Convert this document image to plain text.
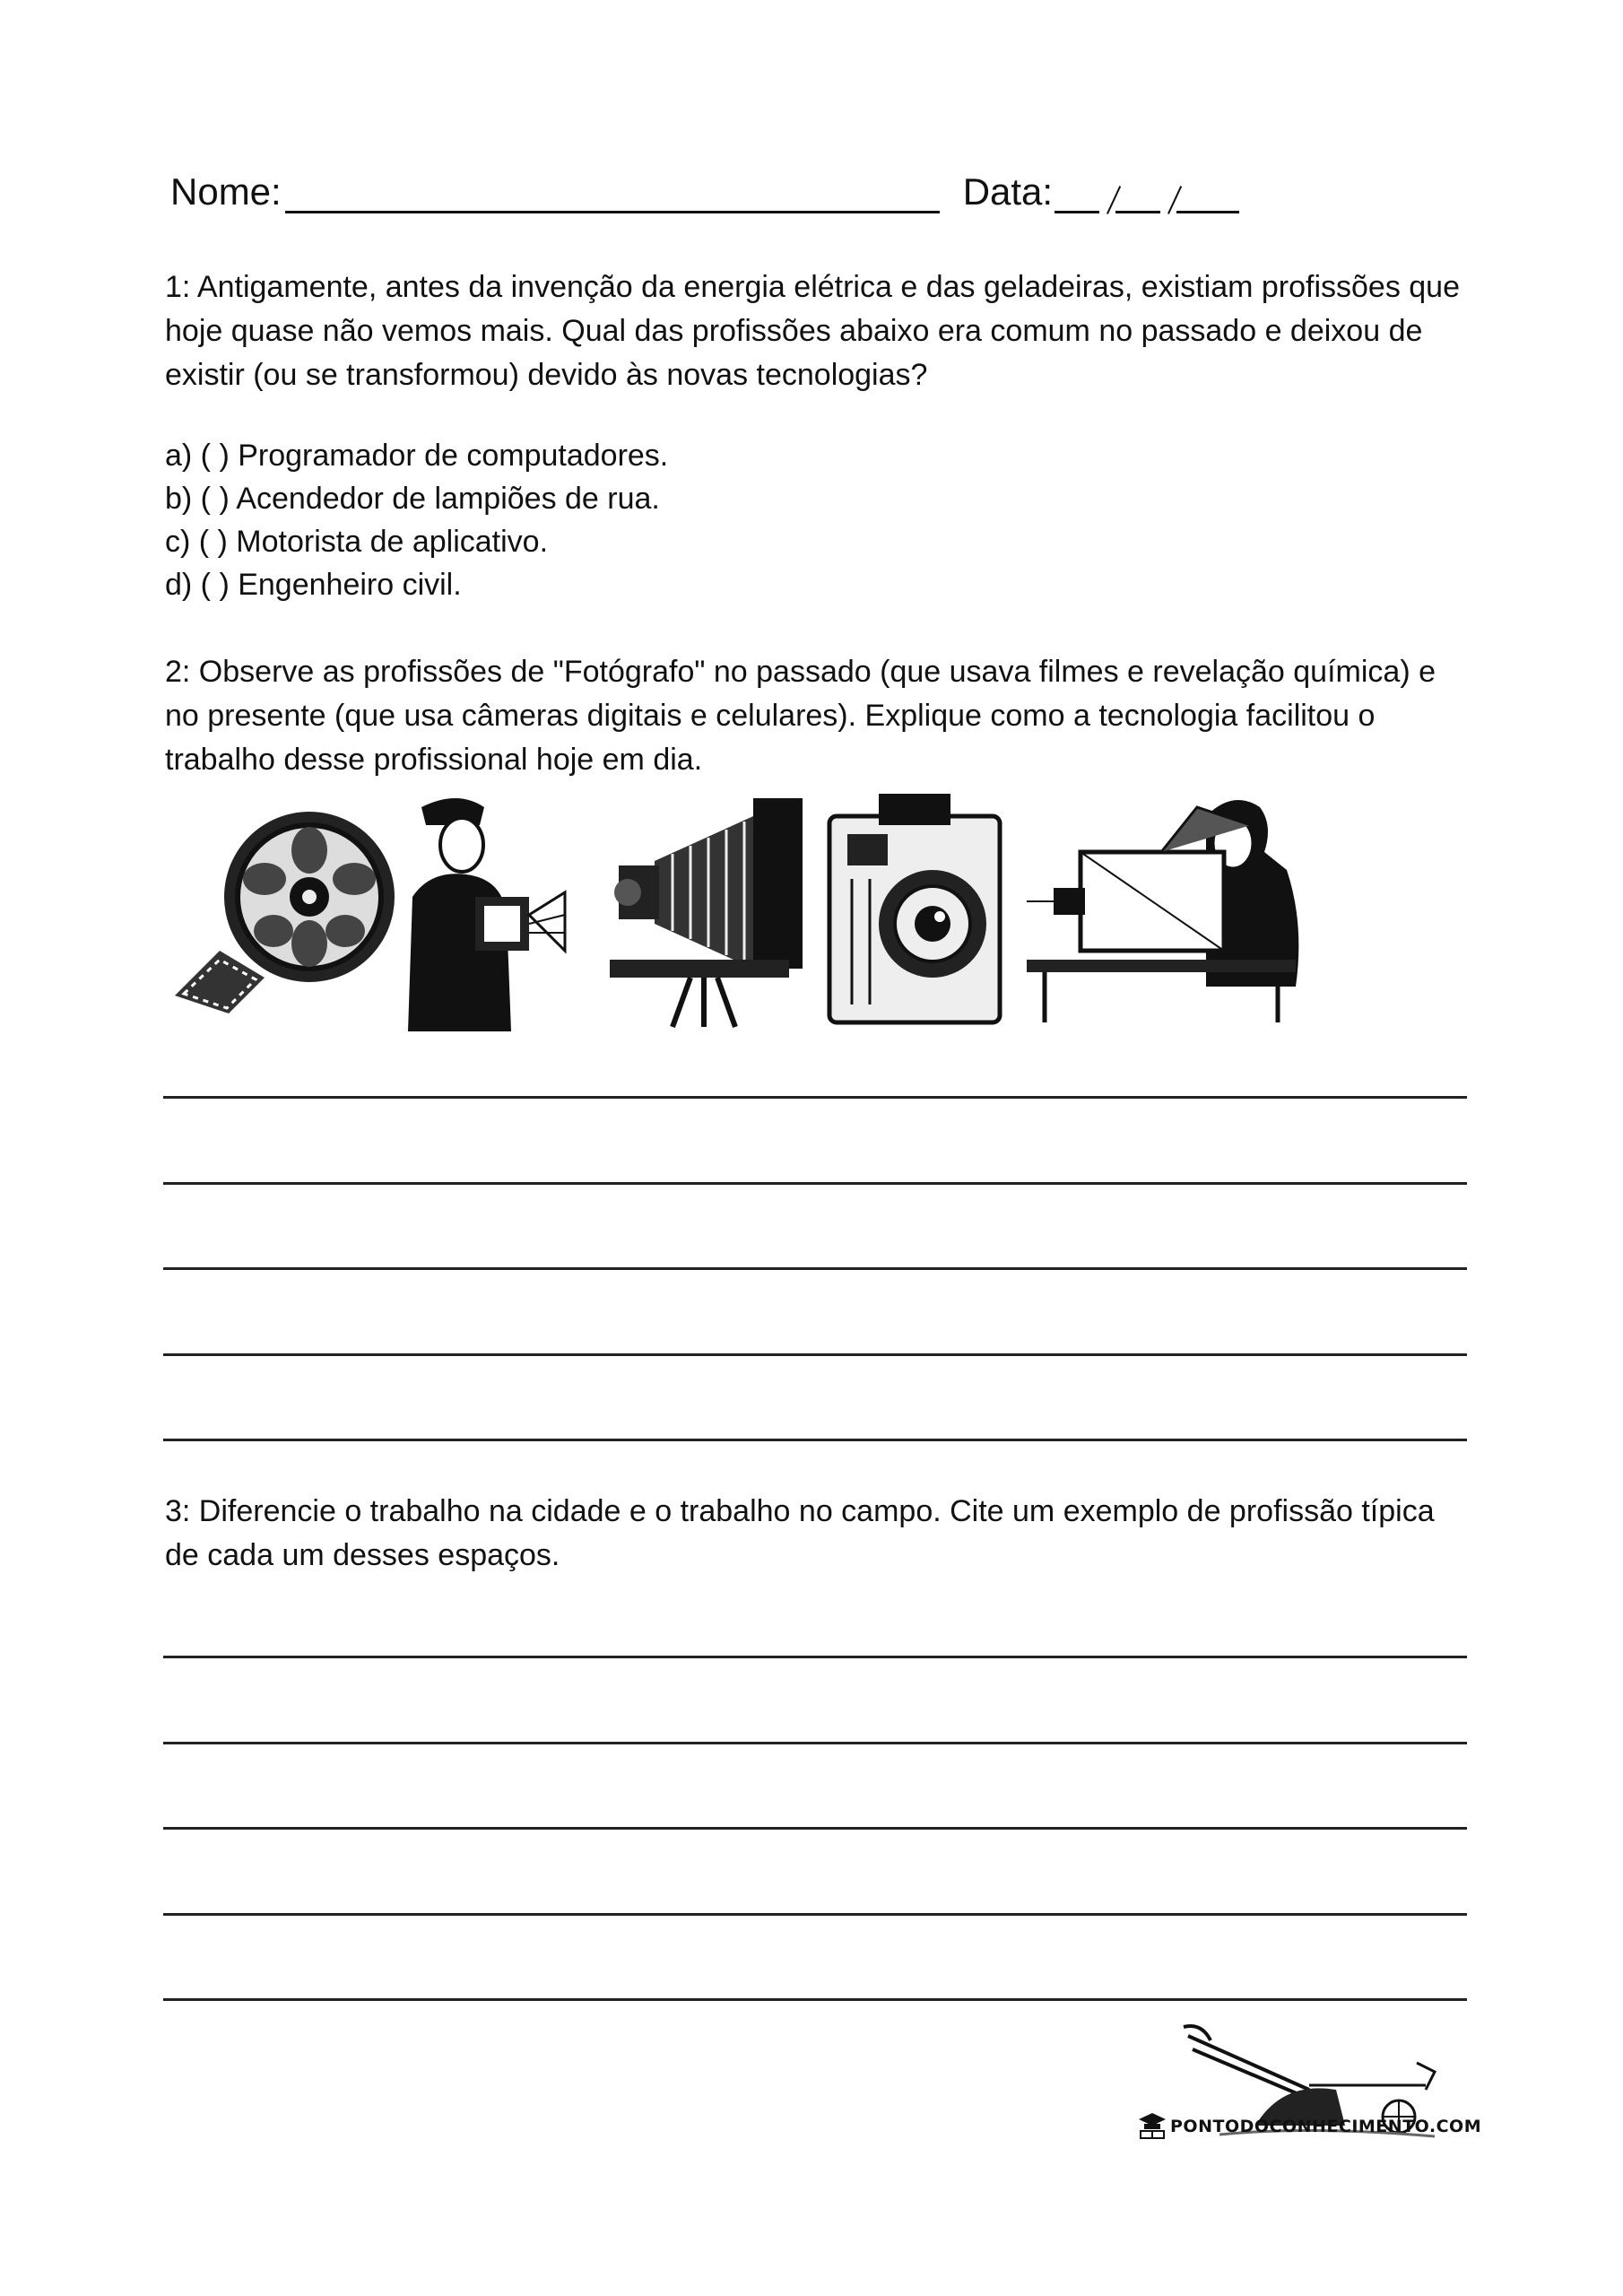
Nome:	Data:

1: Antigamente, antes da invenção da energia elétrica e das geladeiras, existiam profissões que hoje quase não vemos mais. Qual das profissões abaixo era comum no passado e deixou de existir (ou se transformou) devido às novas tecnologias?

a) ( ) Programador de computadores.
b) ( ) Acendedor de lampiões de rua.
c) ( ) Motorista de aplicativo.
d) ( ) Engenheiro civil.

2: Observe as profissões de "Fotógrafo" no passado (que usava filmes e revelação química) e no presente (que usa câmeras digitais e celulares). Explique como a tecnologia facilitou o trabalho desse profissional hoje em dia.

3: Diferencie o trabalho na cidade e o trabalho no campo. Cite um exemplo de profissão típica de cada um desses espaços.

PONTODOCONHECIMENTO.COM
